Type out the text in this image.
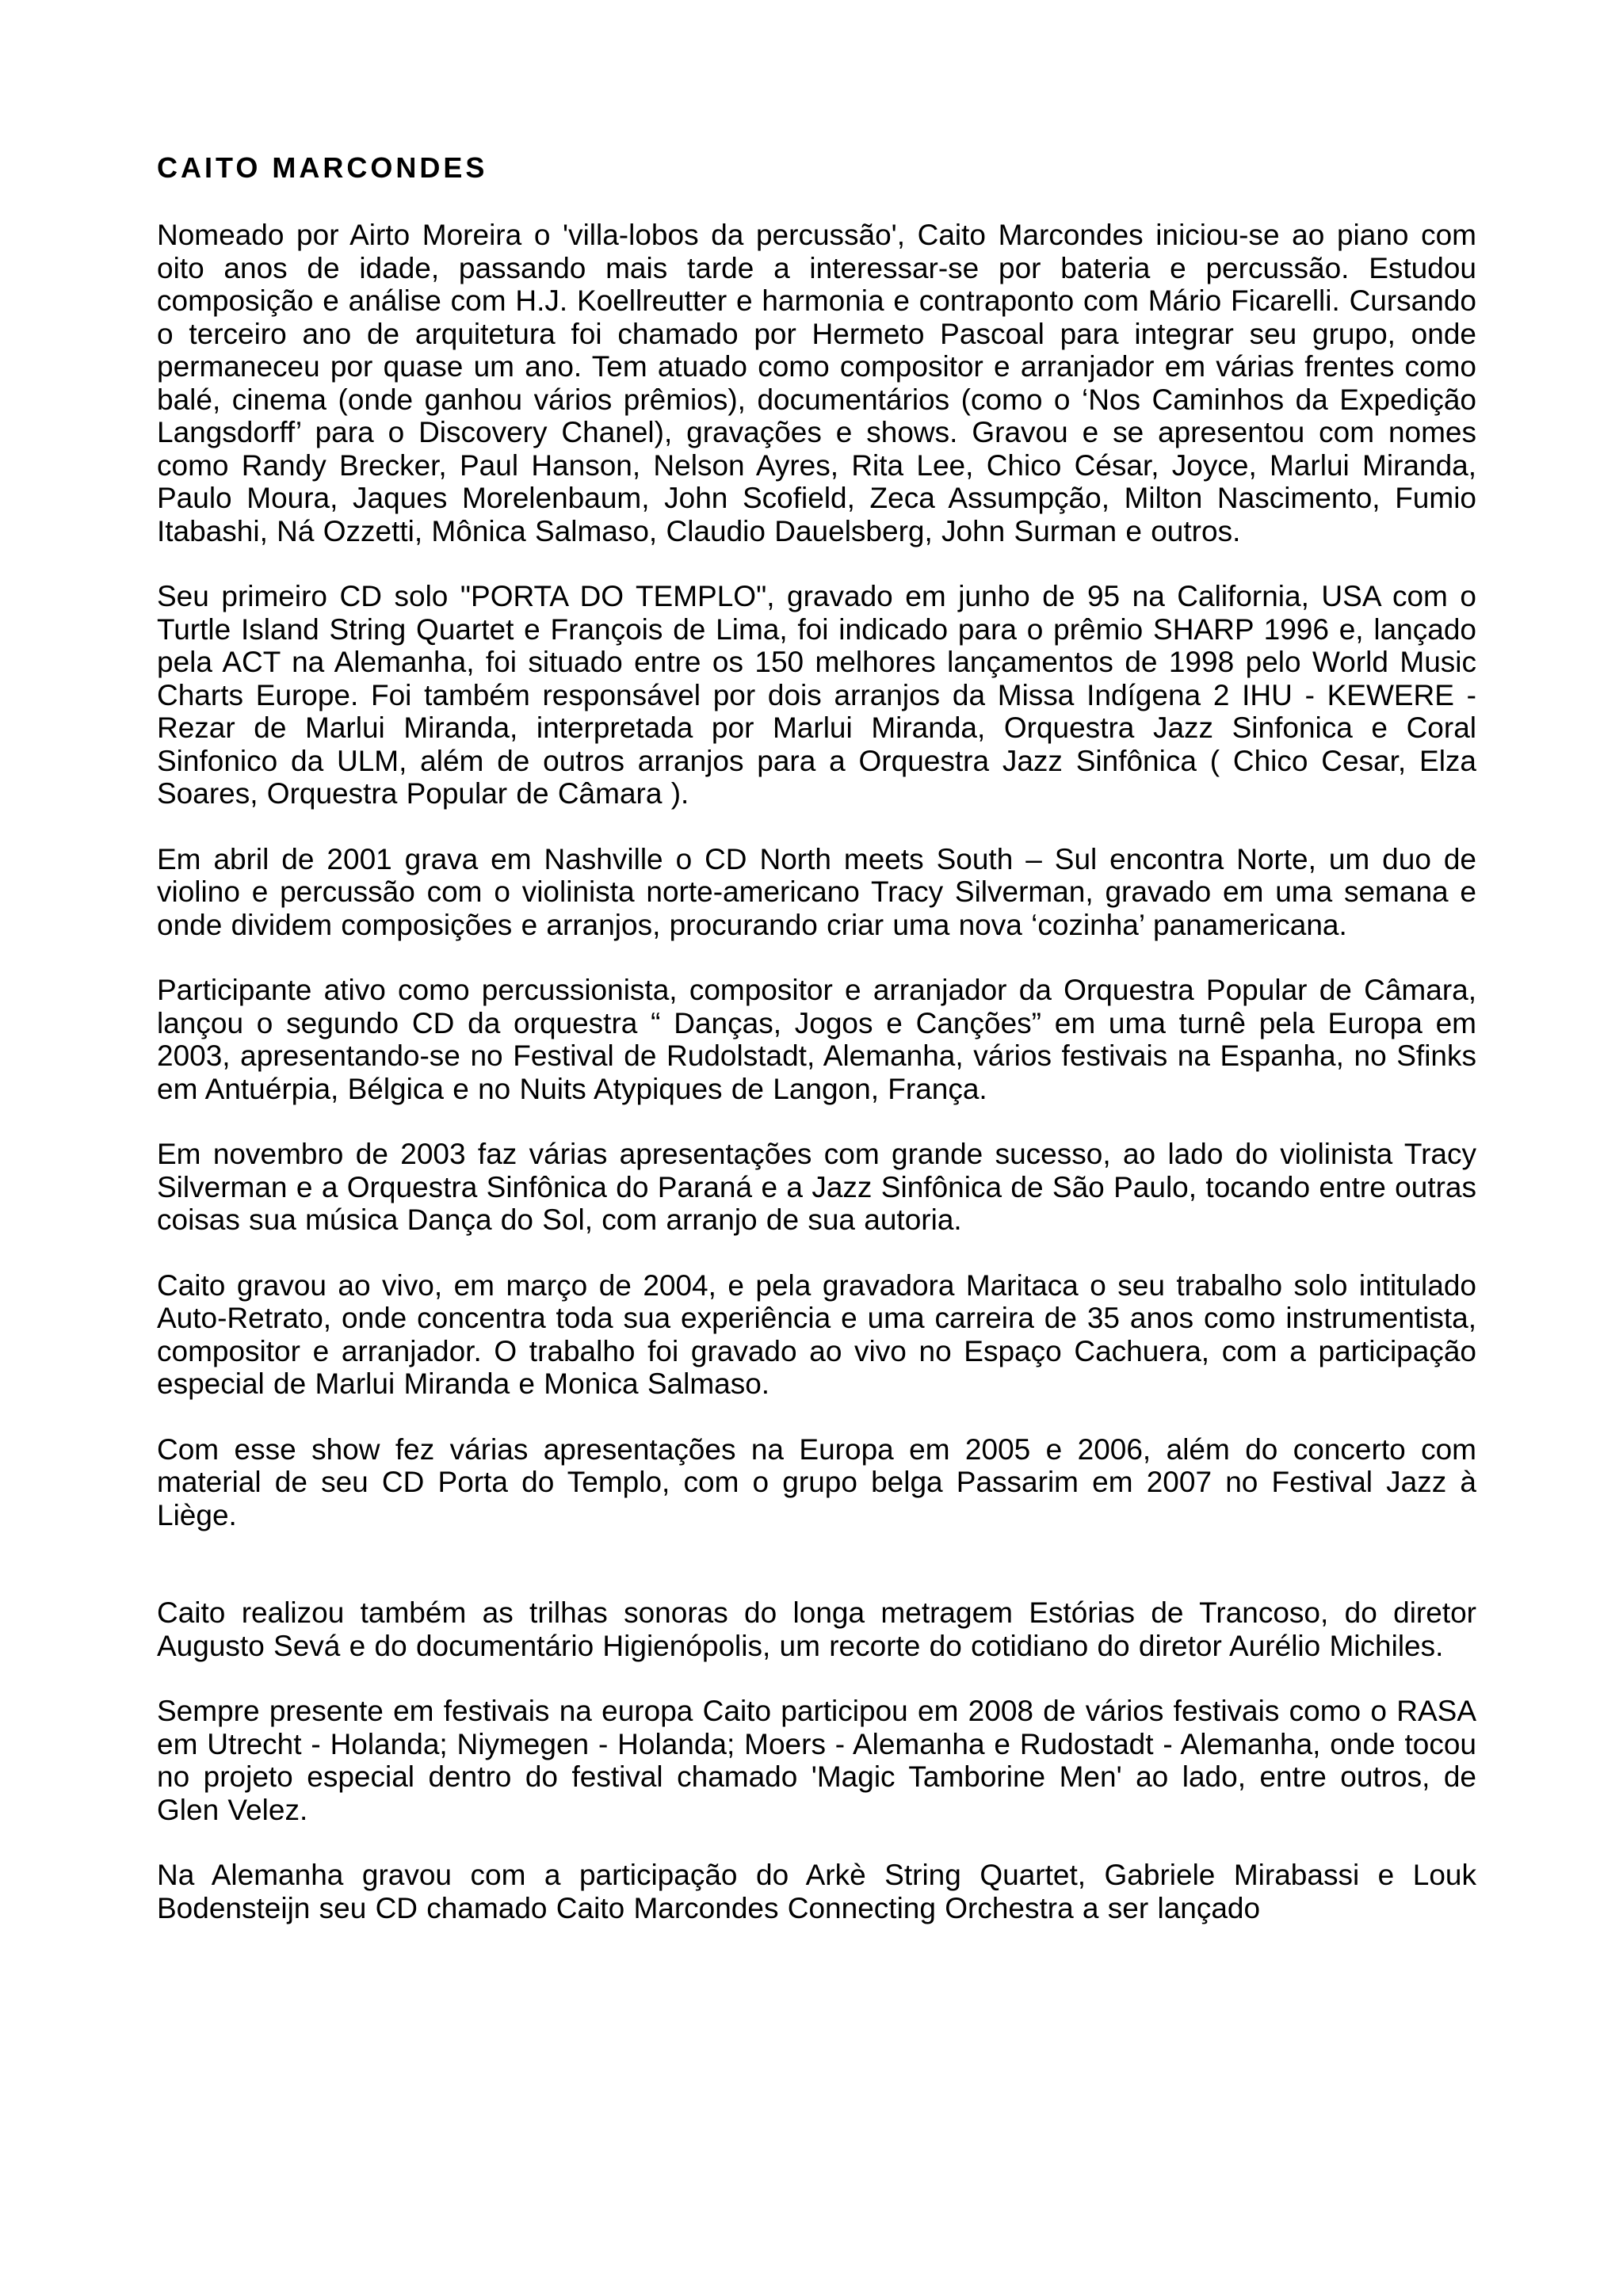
CAITO MARCONDES

Nomeado por Airto Moreira o 'villa-lobos da percussão', Caito Marcondes iniciou-se ao piano com oito anos de idade, passando mais tarde a interessar-se por bateria e percussão. Estudou composição e análise com H.J. Koellreutter e harmonia e contraponto com Mário Ficarelli. Cursando o terceiro ano de arquitetura foi chamado por Hermeto Pascoal para integrar seu grupo, onde permaneceu por quase um ano. Tem atuado como compositor e arranjador em várias frentes como balé, cinema (onde ganhou vários prêmios), documentários (como o ‘Nos Caminhos da Expedição Langsdorff’ para o Discovery Chanel), gravações e shows. Gravou e se apresentou com nomes como Randy Brecker, Paul Hanson, Nelson Ayres, Rita Lee, Chico César, Joyce, Marlui Miranda, Paulo Moura, Jaques Morelenbaum, John Scofield, Zeca Assumpção, Milton Nascimento, Fumio Itabashi, Ná Ozzetti, Mônica Salmaso, Claudio Dauelsberg, John Surman e outros.

Seu primeiro CD solo "PORTA DO TEMPLO", gravado em junho de 95 na California, USA com o Turtle Island String Quartet e François de Lima, foi indicado para o prêmio SHARP 1996 e, lançado pela ACT na Alemanha, foi situado entre os 150 melhores lançamentos de 1998 pelo World Music Charts Europe. Foi também responsável por dois arranjos da Missa Indígena 2 IHU - KEWERE - Rezar de Marlui Miranda, interpretada por Marlui Miranda, Orquestra Jazz Sinfonica e Coral Sinfonico da ULM, além de outros arranjos para a Orquestra Jazz Sinfônica ( Chico Cesar, Elza Soares, Orquestra Popular de Câmara ).

Em abril de 2001 grava em Nashville o CD North meets South – Sul encontra Norte, um duo de violino e percussão com o violinista norte-americano Tracy Silverman, gravado em uma semana e onde dividem composições e arranjos, procurando criar uma nova ‘cozinha’ panamericana.

Participante ativo como percussionista, compositor e arranjador da Orquestra Popular de Câmara, lançou o segundo CD da orquestra “ Danças, Jogos e Canções” em uma turnê pela Europa em 2003, apresentando-se no Festival de Rudolstadt, Alemanha, vários festivais na Espanha, no Sfinks em Antuérpia, Bélgica e no Nuits Atypiques de Langon, França.

Em novembro de 2003 faz várias apresentações com grande sucesso, ao lado do violinista Tracy Silverman e a Orquestra Sinfônica do Paraná e a Jazz Sinfônica de São Paulo, tocando entre outras coisas sua música Dança do Sol, com arranjo de sua autoria.

Caito gravou ao vivo, em março de 2004, e pela gravadora Maritaca o seu trabalho solo intitulado Auto-Retrato, onde concentra toda sua experiência e uma carreira de 35 anos como instrumentista, compositor e arranjador. O trabalho foi gravado ao vivo no Espaço Cachuera, com a participação especial de Marlui Miranda e Monica Salmaso.

Com esse show fez várias apresentações na Europa em 2005 e 2006, além do concerto com material de seu CD Porta do Templo, com o grupo belga Passarim em 2007 no Festival Jazz à Liège.

Caito realizou também as trilhas sonoras do longa metragem Estórias de Trancoso, do diretor Augusto Sevá e do documentário Higienópolis, um recorte do cotidiano do diretor Aurélio Michiles.

Sempre presente em festivais na europa Caito participou em 2008 de vários festivais como o RASA em Utrecht - Holanda; Niymegen - Holanda; Moers - Alemanha e Rudostadt - Alemanha, onde tocou no projeto especial dentro do festival chamado 'Magic Tamborine Men' ao lado, entre outros, de Glen Velez.

Na Alemanha gravou com a participação do Arkè String Quartet, Gabriele Mirabassi e Louk Bodensteijn seu CD chamado Caito Marcondes Connecting Orchestra a ser lançado
